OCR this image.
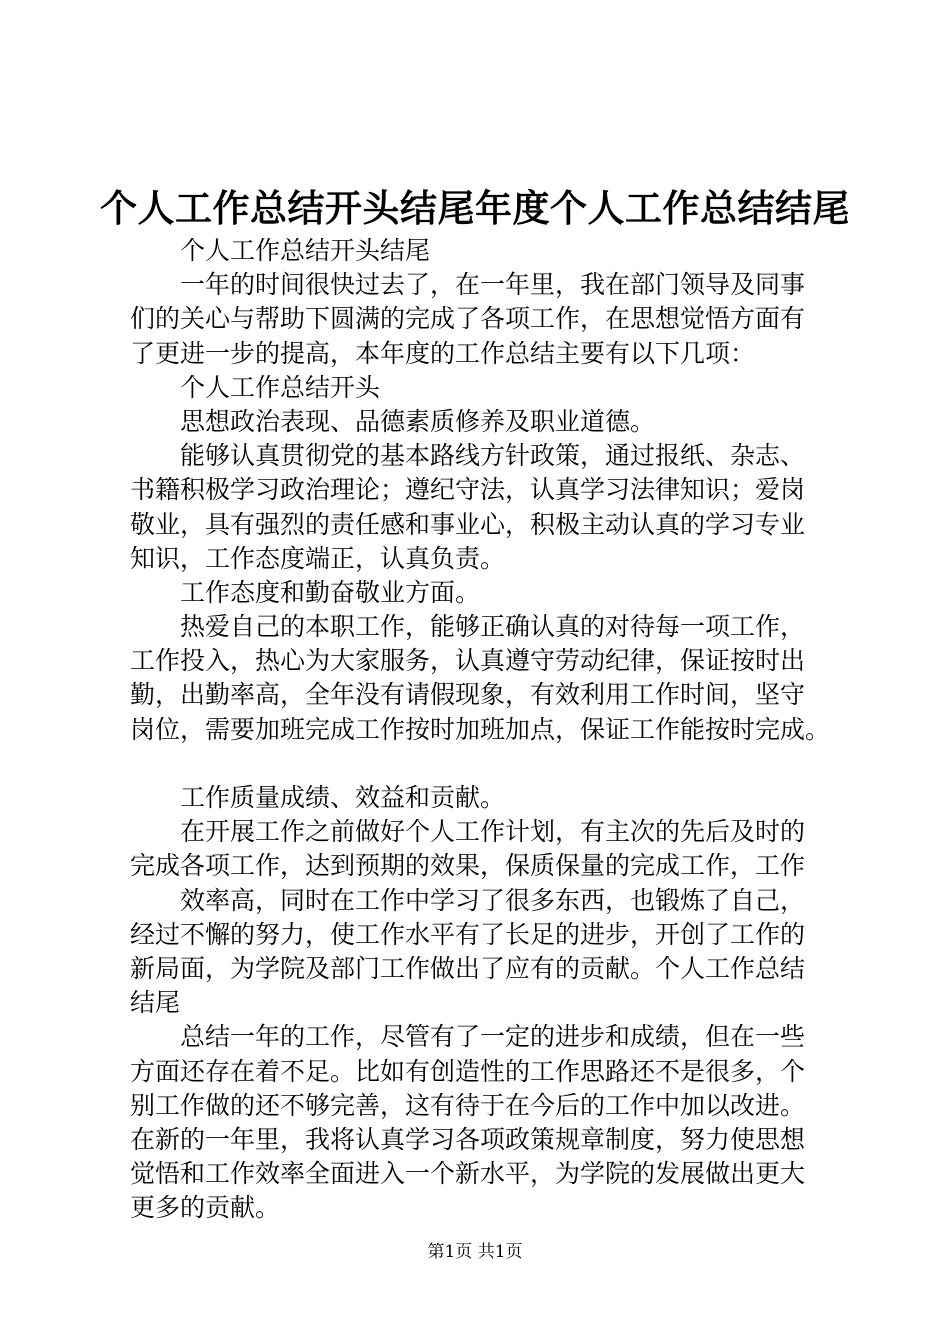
个人工作总结开头结尾年度个人工作总结结尾
个人工作总结开头结尾
一年的时间很快过去了，在一年里，我在部门领导及同事
们的关心与帮助下圆满的完成了各项工作，在思想觉悟方面有
了更进一步的提高，本年度的工作总结主要有以下几项：
个人工作总结开头
思想政治表现、品德素质修养及职业道德。
能够认真贯彻党的基本路线方针政策，通过报纸、杂志、
书籍积极学习政治理论；遵纪守法，认真学习法律知识；爱岗
敬业，具有强烈的责任感和事业心，积极主动认真的学习专业
知识，工作态度端正，认真负责。
工作态度和勤奋敬业方面。
热爱自己的本职工作，能够正确认真的对待每一项工作，
工作投入，热心为大家服务，认真遵守劳动纪律，保证按时出
勤，出勤率高，全年没有请假现象，有效利用工作时间，坚守
岗位，需要加班完成工作按时加班加点，保证工作能按时完成。
工作质量成绩、效益和贡献。
在开展工作之前做好个人工作计划，有主次的先后及时的
完成各项工作，达到预期的效果，保质保量的完成工作，工作
效率高，同时在工作中学习了很多东西，也锻炼了自己，
经过不懈的努力，使工作水平有了长足的进步，开创了工作的
新局面，为学院及部门工作做出了应有的贡献。个人工作总结
结尾
总结一年的工作，尽管有了一定的进步和成绩，但在一些
方面还存在着不足。比如有创造性的工作思路还不是很多，个
别工作做的还不够完善，这有待于在今后的工作中加以改进。
在新的一年里，我将认真学习各项政策规章制度，努力使思想
觉悟和工作效率全面进入一个新水平，为学院的发展做出更大
更多的贡献。
第1页 共1页
